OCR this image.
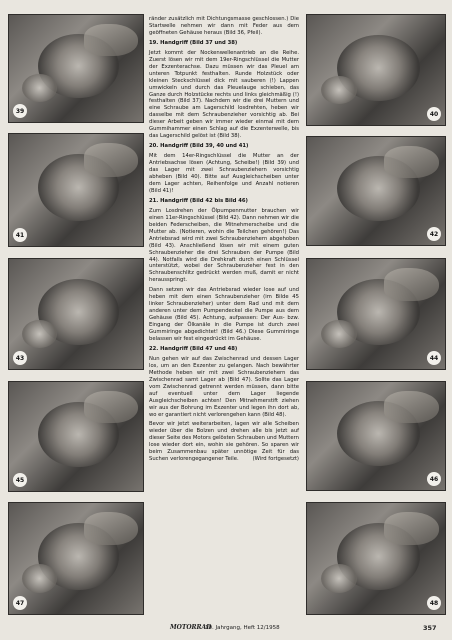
39
41
43
45
47

ränder zusätzlich mit Dichtungsmasse geschlossen.) Die Startwelle nehmen wir dann mit Feder aus dem geöffneten Gehäuse heraus (Bild 36, Pfeil).

19. Handgriff (Bild 37 und 38)

Jetzt kommt der Nockenwellenantrieb an die Reihe. Zuerst lösen wir mit dem 19er-Ringschlüssel die Mutter der Exzenterachse. Dazu müssen wir das Pleuel am unteren Totpunkt festhalten. Runde Holzstück oder kleinen Steckschlüssel dick mit sauberen (!) Lappen umwickeln und durch das Pleuelauge schieben, das Ganze durch Holzstücke rechts und links gleichmäßig (!) festhalten (Bild 37). Nachdem wir die drei Muttern und eine Schraube am Lagerschild losdrehten, heben wir dasselbe mit dem Schraubenzieher vorsichtig ab. Bei dieser Arbeit geben wir immer wieder einmal mit dem Gummihammer einen Schlag auf die Exzenterwelle, bis das Lagerschild gelöst ist (Bild 38).

20. Handgriff (Bild 39, 40 und 41)

Mit dem 14er-Ringschlüssel die Mutter an der Antriebsachse lösen (Achtung, Scheibe!) (Bild 39) und das Lager mit zwei Schraubenziehern vorsichtig abheben (Bild 40). Bitte auf Ausgleichscheiben unter dem Lager achten, Reihenfolge und Anzahl notieren (Bild 41)!

21. Handgriff (Bild 42 bis Bild 46)

Zum Losdrehen der Ölpumpenmutter brauchen wir einen 11er-Ringschlüssel (Bild 42). Dann nehmen wir die beiden Federscheiben, die Mitnehmerscheibe und die Mutter ab. (Notieren, wohin die Teilchen gehören!) Das Antriebsrad wird mit zwei Schraubenziehern abgehoben (Bild 43). Anschließend lösen wir mit einem guten Schraubenzieher die drei Schrauben der Pumpe (Bild 44). Notfalls wird die Drehkraft durch einen Schlüssel unterstützt, wobei der Schraubenzieher fest in den Schraubenschlitz gedrückt werden muß, damit er nicht herausspringt.

Dann setzen wir das Antriebsrad wieder lose auf und heben mit dem einen Schraubenzieher (im Bilde 45 linker Schraubenzieher) unter dem Rad und mit dem anderen unter dem Pumpendeckel die Pumpe aus dem Gehäuse (Bild 45). Achtung, aufpassen: Der Aus- bzw. Eingang der Ölkanäle in die Pumpe ist durch zwei Gummiringe abgedichtet! (Bild 46.) Diese Gummiringe belassen wir fest eingedrückt im Gehäuse.

22. Handgriff (Bild 47 und 48)

Nun gehen wir auf das Zwischenrad und dessen Lager los, um an den Exzenter zu gelangen. Nach bewährter Methode heben wir mit zwei Schraubenziehern das Zwischenrad samt Lager ab (Bild 47). Sollte das Lager vom Zwischenrad getrennt werden müssen, dann bitte auf eventuell unter dem Lager liegende Ausgleichscheiben achten! Den Mitnehmerstift ziehen wir aus der Bohrung im Exzenter und legen ihn dort ab, wo er garantiert nicht verlorengehen kann (Bild 48).

Bevor wir jetzt weiterarbeiten, lagen wir alle Scheiben wieder über die Bolzen und drehen alle bis jetzt auf dieser Seite des Motors gelösten Schrauben und Muttern lose wieder dort ein, wohin sie gehören. So sparen wir beim Zusammenbau später unnötige Zeit für das Suchen verlorengegangener Teile.	(Wird fortgesetzt)

40
42
44
46
48
MOTORRAD
10. Jahrgang, Heft 12/1958	357
